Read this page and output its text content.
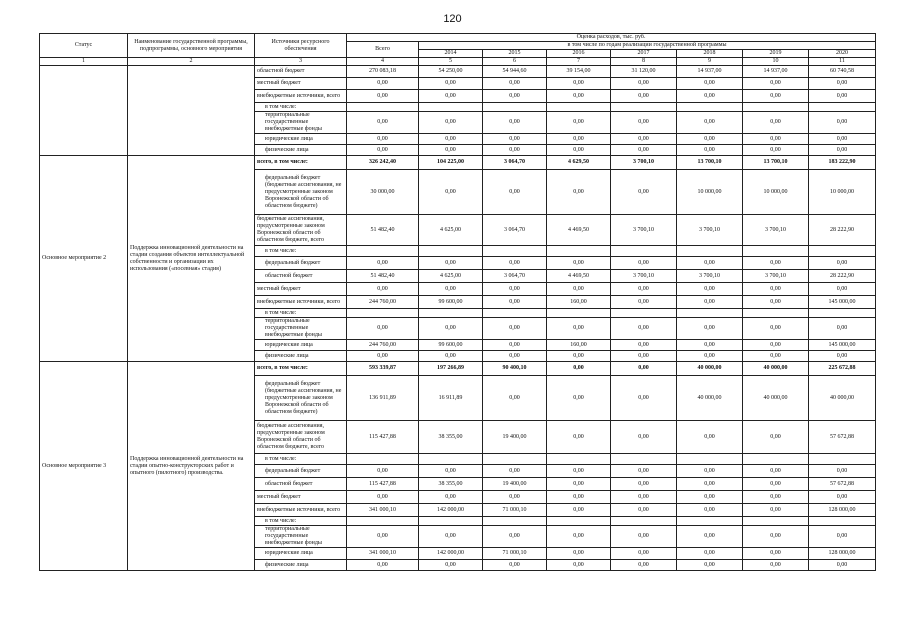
120
Статус	Наименование государственной программы, подпрограммы, основного мероприятия	Источники ресурсного обеспечения	Оценка расходов, тыс. руб.							
			Всего	в том числе по годам реализации государственной программы						
				2014	2015	2016	2017	2018	2019	2020
1	2	3	4	5	6	7	8	9	10	11
		областной бюджет	270 083,18	54 250,00	54 944,60	39 154,00	31 120,00	14 937,00	14 937,00	60 740,58
		местный бюджет	0,00	0,00	0,00	0,00	0,00	0,00	0,00	0,00
		внебюджетные источники, всего	0,00	0,00	0,00	0,00	0,00	0,00	0,00	0,00
		в том числе:								
		территориальные государственные внебюджетные фонды	0,00	0,00	0,00	0,00	0,00	0,00	0,00	0,00
		юридические лица	0,00	0,00	0,00	0,00	0,00	0,00	0,00	0,00
		физические лица	0,00	0,00	0,00	0,00	0,00	0,00	0,00	0,00
Основное мероприятие 2	Поддержка инновационной деятельности на стадии создания объектов интеллектуальной собственности и организации их использования («посевная» стадия)	всего, в том числе:	326 242,40	104 225,00	3 064,70	4 629,50	3 700,10	13 700,10	13 700,10	183 222,90
		федеральный бюджет (бюджетные ассигнования, не предусмотренные законом Воронежской области об областном бюджете)	30 000,00	0,00	0,00	0,00	0,00	10 000,00	10 000,00	10 000,00
		бюджетные ассигнования, предусмотренные законом Воронежской области об областном бюджете, всего	51 482,40	4 625,00	3 064,70	4 469,50	3 700,10	3 700,10	3 700,10	28 222,90
		в том числе:								
		федеральный бюджет	0,00	0,00	0,00	0,00	0,00	0,00	0,00	0,00
		областной бюджет	51 482,40	4 625,00	3 064,70	4 469,50	3 700,10	3 700,10	3 700,10	28 222,90
		местный бюджет	0,00	0,00	0,00	0,00	0,00	0,00	0,00	0,00
		внебюджетные источники, всего	244 760,00	99 600,00	0,00	160,00	0,00	0,00	0,00	145 000,00
		в том числе:								
		территориальные государственные внебюджетные фонды	0,00	0,00	0,00	0,00	0,00	0,00	0,00	0,00
		юридические лица	244 760,00	99 600,00	0,00	160,00	0,00	0,00	0,00	145 000,00
		физические лица	0,00	0,00	0,00	0,00	0,00	0,00	0,00	0,00
Основное мероприятие 3	Поддержка инновационной деятельности на стадии опытно-конструкторских работ и опытного (пилотного) производства.	всего, в том числе:	593 339,87	197 266,89	90 400,10	0,00	0,00	40 000,00	40 000,00	225 672,88
		федеральный бюджет (бюджетные ассигнования, не предусмотренные законом Воронежской области об областном бюджете)	136 911,89	16 911,89	0,00	0,00	0,00	40 000,00	40 000,00	40 000,00
		бюджетные ассигнования, предусмотренные законом Воронежской области об областном бюджете, всего	115 427,88	38 355,00	19 400,00	0,00	0,00	0,00	0,00	57 672,88
		в том числе:								
		федеральный бюджет	0,00	0,00	0,00	0,00	0,00	0,00	0,00	0,00
		областной бюджет	115 427,88	38 355,00	19 400,00	0,00	0,00	0,00	0,00	57 672,88
		местный бюджет	0,00	0,00	0,00	0,00	0,00	0,00	0,00	0,00
		внебюджетные источники, всего	341 000,10	142 000,00	71 000,10	0,00	0,00	0,00	0,00	128 000,00
		в том числе:								
		территориальные государственные внебюджетные фонды	0,00	0,00	0,00	0,00	0,00	0,00	0,00	0,00
		юридические лица	341 000,10	142 000,00	71 000,10	0,00	0,00	0,00	0,00	128 000,00
		физические лица	0,00	0,00	0,00	0,00	0,00	0,00	0,00	0,00
